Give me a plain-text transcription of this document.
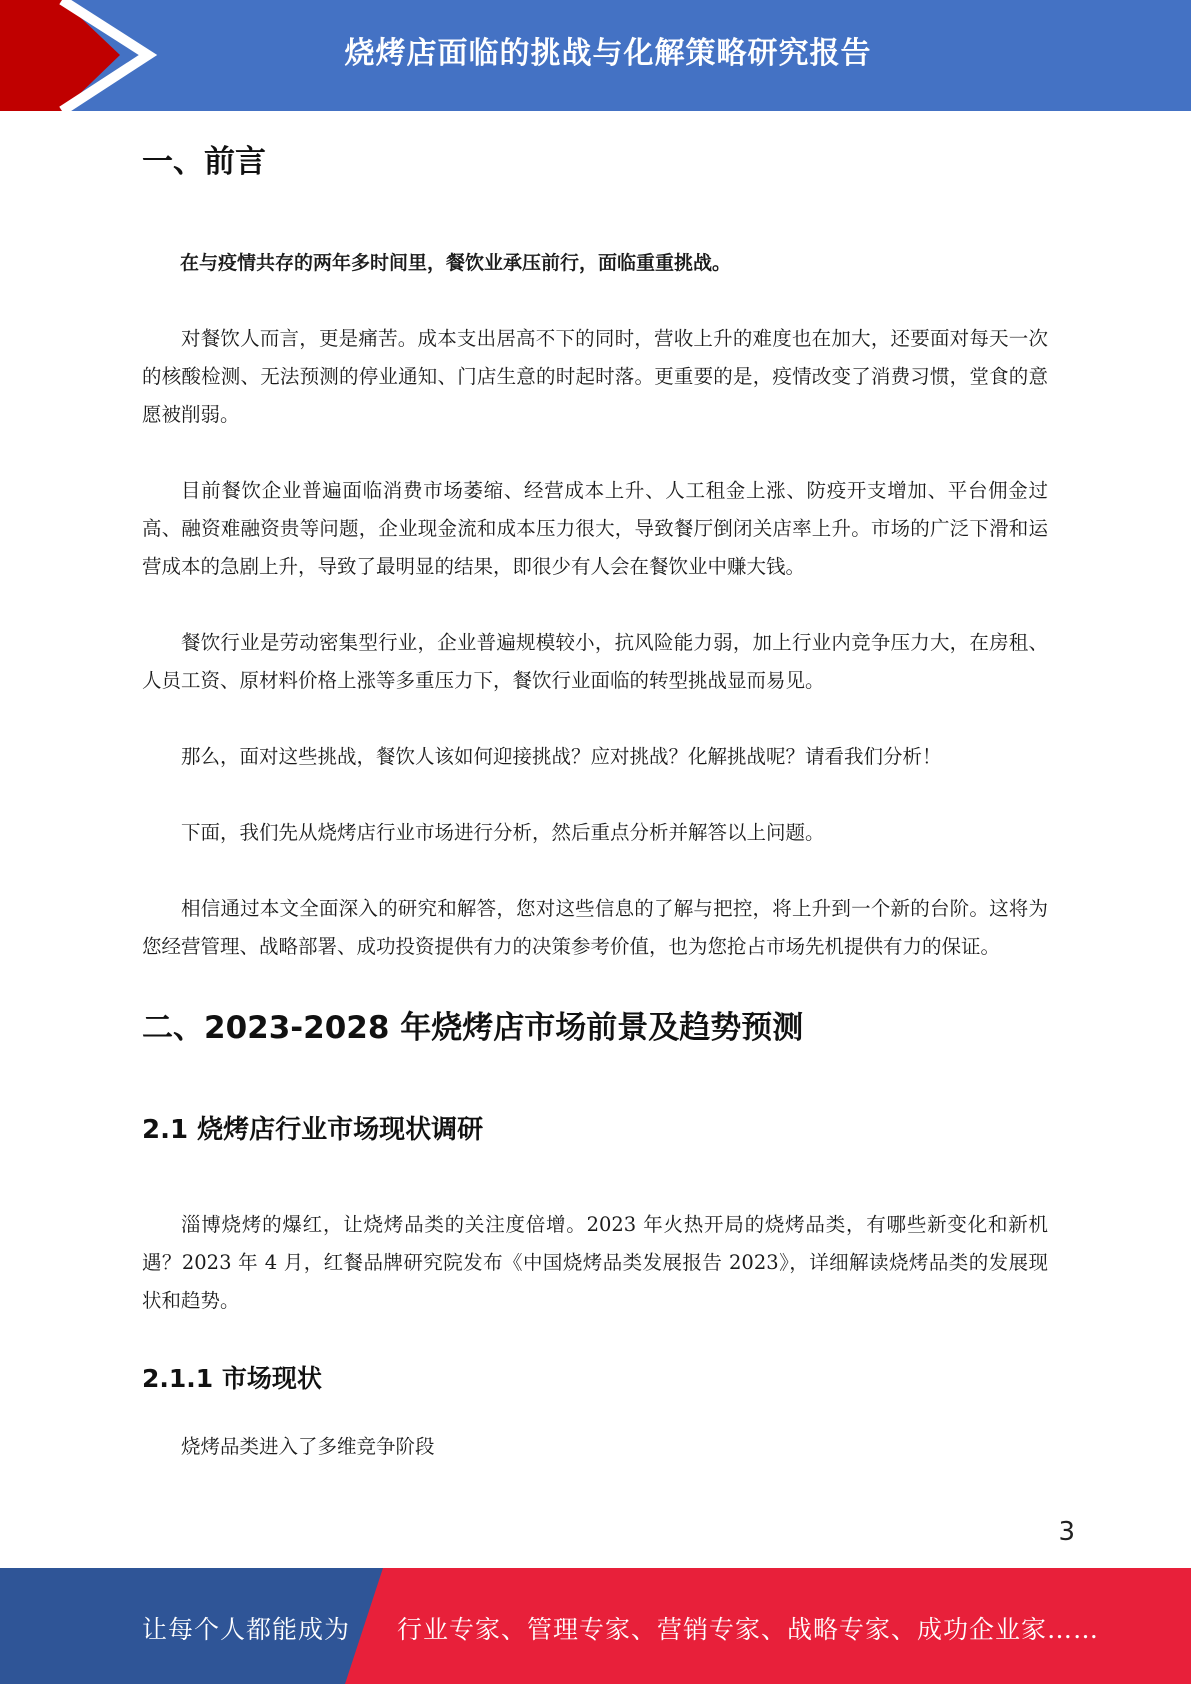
烧烤店面临的挑战与化解策略研究报告
一、前言

在与疫情共存的两年多时间里，餐饮业承压前行，面临重重挑战。

对餐饮人而言，更是痛苦。成本支出居高不下的同时，营收上升的难度也在加大，还要面对每天一次的核酸检测、无法预测的停业通知、门店生意的时起时落。更重要的是，疫情改变了消费习惯，堂食的意愿被削弱。

目前餐饮企业普遍面临消费市场萎缩、经营成本上升、人工租金上涨、防疫开支增加、平台佣金过高、融资难融资贵等问题，企业现金流和成本压力很大，导致餐厅倒闭关店率上升。市场的广泛下滑和运营成本的急剧上升，导致了最明显的结果，即很少有人会在餐饮业中赚大钱。

餐饮行业是劳动密集型行业，企业普遍规模较小，抗风险能力弱，加上行业内竞争压力大，在房租、人员工资、原材料价格上涨等多重压力下，餐饮行业面临的转型挑战显而易见。

那么，面对这些挑战，餐饮人该如何迎接挑战？应对挑战？化解挑战呢？请看我们分析！

下面，我们先从烧烤店行业市场进行分析，然后重点分析并解答以上问题。

相信通过本文全面深入的研究和解答，您对这些信息的了解与把控，将上升到一个新的台阶。这将为您经营管理、战略部署、成功投资提供有力的决策参考价值，也为您抢占市场先机提供有力的保证。

二、2023-2028 年烧烤店市场前景及趋势预测
2.1 烧烤店行业市场现状调研

淄博烧烤的爆红，让烧烤品类的关注度倍增。2023 年火热开局的烧烤品类，有哪些新变化和新机遇？2023 年 4 月，红餐品牌研究院发布《中国烧烤品类发展报告 2023》，详细解读烧烤品类的发展现状和趋势。

2.1.1 市场现状

烧烤品类进入了多维竞争阶段

3
让每个人都能成为 行业专家、管理专家、营销专家、战略专家、成功企业家……
